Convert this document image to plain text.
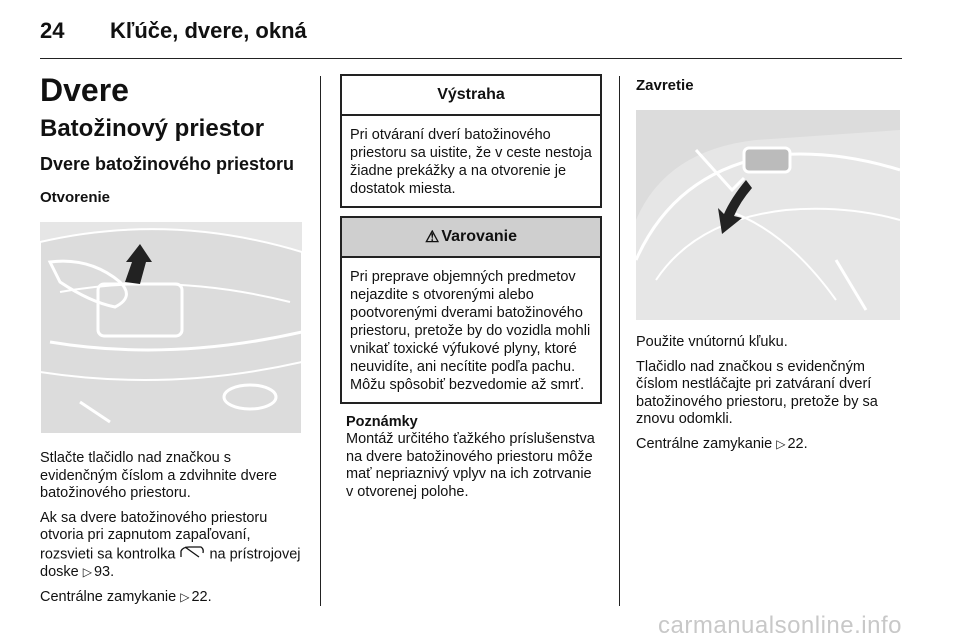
24 Kľúče, dvere, okná
Dvere
Batožinový priestor
Dvere batožinového priestoru
Otvorenie

Stlačte tlačidlo nad značkou s evidenčným číslom a zdvihnite dvere batožinového priestoru.

Ak sa dvere batožinového priestoru otvoria pri zapnutom zapaľovaní, rozsvieti sa kontrolka na prístrojovej doske ▷ 93.

Centrálne zamykanie ▷ 22.

Výstraha
Pri otváraní dverí batožinového priestoru sa uistite, že v ceste nestoja žiadne prekážky a na otvorenie je dostatok miesta.
⚠ Varovanie
Pri preprave objemných predmetov nejazdite s otvorenými alebo pootvorenými dverami batožinového priestoru, pretože by do vozidla mohli vnikať toxické výfukové plyny, ktoré neuvidíte, ani necítite podľa pachu. Môžu spôsobiť bezvedomie až smrť.
Poznámky
Montáž určitého ťažkého príslušenstva na dvere batožinového priestoru môže mať nepriaznivý vplyv na ich zotrvanie v otvorenej polohe.
Zavretie

Použite vnútornú kľuku.

Tlačidlo nad značkou s evidenčným číslom nestláčajte pri zatváraní dverí batožinového priestoru, pretože by sa znovu odomkli.

Centrálne zamykanie ▷ 22.

carmanualsonline.info
